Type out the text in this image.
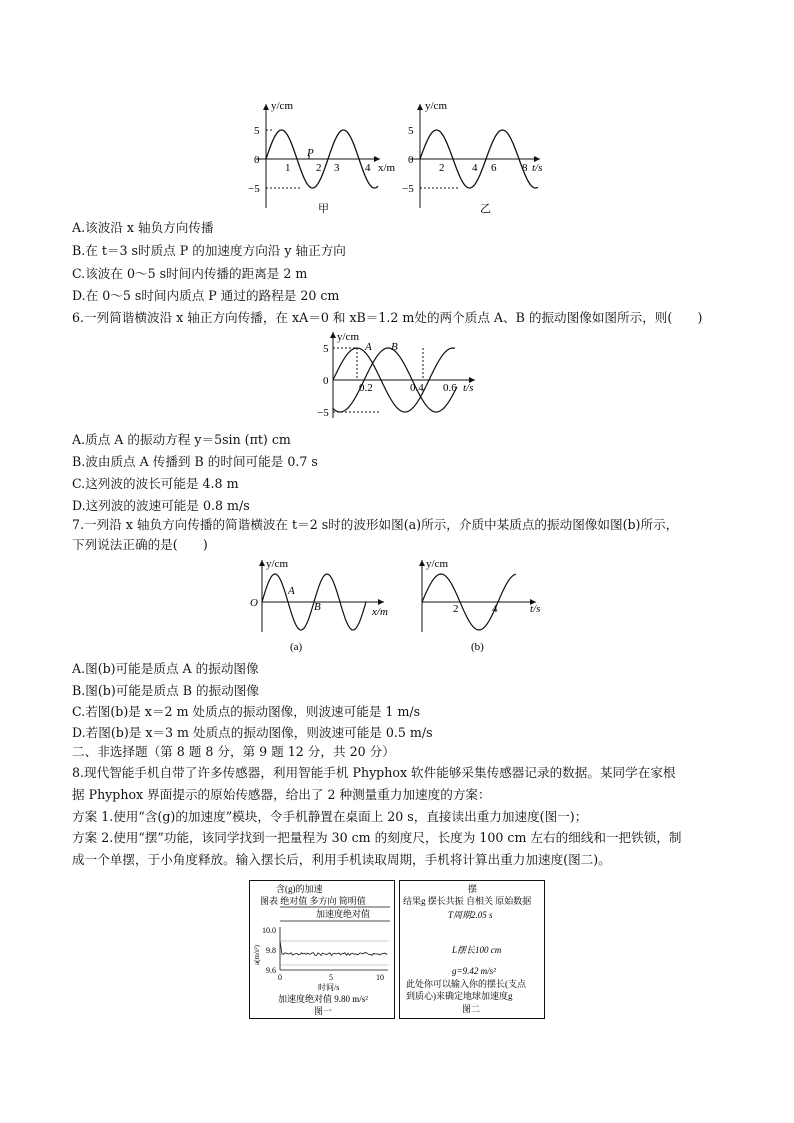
y/cm
5
0
−5
1 2 3 4
P
x/m
甲
y/cm
5
0
−5
2	4 6 8 t/s
乙
A.该波沿 x 轴负方向传播
B.在 t＝3 s时质点 P 的加速度方向沿 y 轴正方向
C.该波在 0～5 s时间内传播的距离是 2 m
D.在 0～5 s时间内质点 P 通过的路程是 20 cm
6.一列简谐横波沿 x 轴正方向传播，在 xA＝0 和 xB＝1.2 m处的两个质点 A、B 的振动图像如图所示，则(　　)
y/cm
A B
5
0
−5
0.2	0.4 0.6 t/s
A.质点 A 的振动方程 y＝5sin (πt) cm
B.波由质点 A 传播到 B 的时间可能是 0.7 s
C.这列波的波长可能是 4.8 m
D.这列波的波速可能是 0.8 m/s
7.一列沿 x 轴负方向传播的简谐横波在 t＝2 s时的波形如图(a)所示，介质中某质点的振动图像如图(b)所示，
下列说法正确的是(　　)
y/cm
O
A
B	x/m
(a)
y/cm
2	4	t/s
(b)
A.图(b)可能是质点 A 的振动图像
B.图(b)可能是质点 B 的振动图像
C.若图(b)是 x＝2 m 处质点的振动图像，则波速可能是 1 m/s
D.若图(b)是 x＝3 m 处质点的振动图像，则波速可能是 0.5 m/s
二、非选择题（第 8 题 8 分，第 9 题 12 分，共 20 分）
8.现代智能手机自带了许多传感器，利用智能手机 Phyphox 软件能够采集传感器记录的数据。某同学在家根
据 Phyphox 界面提示的原始传感器，给出了 2 种测量重力加速度的方案：
方案 1.使用“含(g)的加速度”模块，令手机静置在桌面上 20 s，直接读出重力加速度(图一)；
方案 2.使用“摆”功能，该同学找到一把量程为 30 cm 的刻度尺，长度为 100 cm 左右的细线和一把铁锁，制
成一个单摆，于小角度释放。输入摆长后，利用手机读取周期，手机将计算出重力加速度(图二)。
含(g)的加速
图表 绝对值 多方向 简明值
加速度绝对值
a(m/s²)
10.0
9.8
9.6
0	5	10
时间/s
加速度绝对值 9.80 m/s²
图一
摆
结果g 摆长共振 自相关 原始数据
T周期2.05 s
L摆长100 cm
g=9.42 m/s²
此处你可以输入你的摆长(支点
到质心)来确定地球加速度g
图二
